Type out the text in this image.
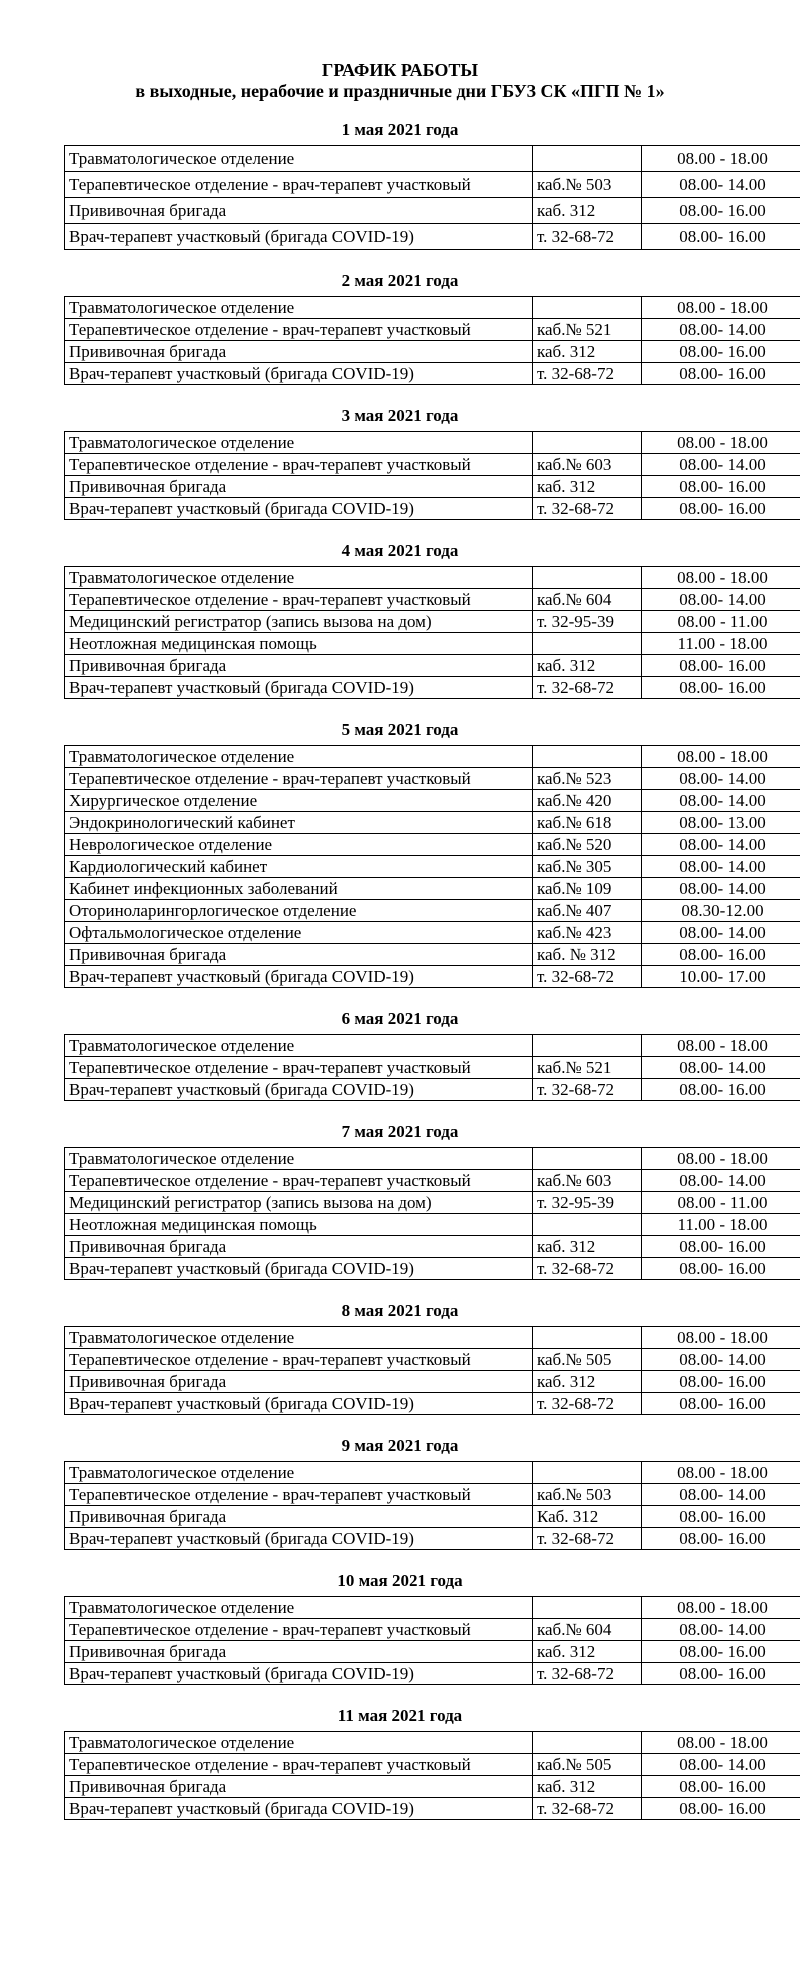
ГРАФИК РАБОТЫ
в выходные, нерабочие и праздничные дни ГБУЗ СК «ПГП № 1»
1 мая 2021 года
Травматологическое отделение		08.00 - 18.00
Терапевтическое отделение - врач-терапевт участковый	каб.№ 503	08.00- 14.00
Прививочная бригада	каб. 312	08.00- 16.00
Врач-терапевт участковый (бригада COVID-19)	т. 32-68-72	08.00- 16.00
2 мая 2021 года
Травматологическое отделение		08.00 - 18.00
Терапевтическое отделение - врач-терапевт участковый	каб.№ 521	08.00- 14.00
Прививочная бригада	каб. 312	08.00- 16.00
Врач-терапевт участковый (бригада COVID-19)	т. 32-68-72	08.00- 16.00
3 мая 2021 года
Травматологическое отделение		08.00 - 18.00
Терапевтическое отделение - врач-терапевт участковый	каб.№ 603	08.00- 14.00
Прививочная бригада	каб. 312	08.00- 16.00
Врач-терапевт участковый (бригада COVID-19)	т. 32-68-72	08.00- 16.00
4 мая 2021 года
Травматологическое отделение		08.00 - 18.00
Терапевтическое отделение - врач-терапевт участковый	каб.№ 604	08.00- 14.00
Медицинский регистратор (запись вызова на дом)	т. 32-95-39	08.00 - 11.00
Неотложная медицинская помощь		11.00 - 18.00
Прививочная бригада	каб. 312	08.00- 16.00
Врач-терапевт участковый (бригада COVID-19)	т. 32-68-72	08.00- 16.00
5 мая 2021 года
Травматологическое отделение		08.00 - 18.00
Терапевтическое отделение - врач-терапевт участковый	каб.№ 523	08.00- 14.00
Хирургическое отделение	каб.№ 420	08.00- 14.00
Эндокринологический кабинет	каб.№ 618	08.00- 13.00
Неврологическое отделение	каб.№ 520	08.00- 14.00
Кардиологический кабинет	каб.№ 305	08.00- 14.00
Кабинет инфекционных заболеваний	каб.№ 109	08.00- 14.00
Оториноларингорлогическое отделение	каб.№ 407	08.30-12.00
Офтальмологическое отделение	каб.№ 423	08.00- 14.00
Прививочная бригада	каб. № 312	08.00- 16.00
Врач-терапевт участковый (бригада COVID-19)	т. 32-68-72	10.00- 17.00
6 мая 2021 года
Травматологическое отделение		08.00 - 18.00
Терапевтическое отделение - врач-терапевт участковый	каб.№ 521	08.00- 14.00
Врач-терапевт участковый (бригада COVID-19)	т. 32-68-72	08.00- 16.00
7 мая 2021 года
Травматологическое отделение		08.00 - 18.00
Терапевтическое отделение - врач-терапевт участковый	каб.№ 603	08.00- 14.00
Медицинский регистратор (запись вызова на дом)	т. 32-95-39	08.00 - 11.00
Неотложная медицинская помощь		11.00 - 18.00
Прививочная бригада	каб. 312	08.00- 16.00
Врач-терапевт участковый (бригада COVID-19)	т. 32-68-72	08.00- 16.00
8 мая 2021 года
Травматологическое отделение		08.00 - 18.00
Терапевтическое отделение - врач-терапевт участковый	каб.№ 505	08.00- 14.00
Прививочная бригада	каб. 312	08.00- 16.00
Врач-терапевт участковый (бригада COVID-19)	т. 32-68-72	08.00- 16.00
9 мая 2021 года
Травматологическое отделение		08.00 - 18.00
Терапевтическое отделение - врач-терапевт участковый	каб.№ 503	08.00- 14.00
Прививочная бригада	Каб. 312	08.00- 16.00
Врач-терапевт участковый (бригада COVID-19)	т. 32-68-72	08.00- 16.00
10 мая 2021 года
Травматологическое отделение		08.00 - 18.00
Терапевтическое отделение - врач-терапевт участковый	каб.№ 604	08.00- 14.00
Прививочная бригада	каб. 312	08.00- 16.00
Врач-терапевт участковый (бригада COVID-19)	т. 32-68-72	08.00- 16.00
11 мая 2021 года
Травматологическое отделение		08.00 - 18.00
Терапевтическое отделение - врач-терапевт участковый	каб.№ 505	08.00- 14.00
Прививочная бригада	каб. 312	08.00- 16.00
Врач-терапевт участковый (бригада COVID-19)	т. 32-68-72	08.00- 16.00
